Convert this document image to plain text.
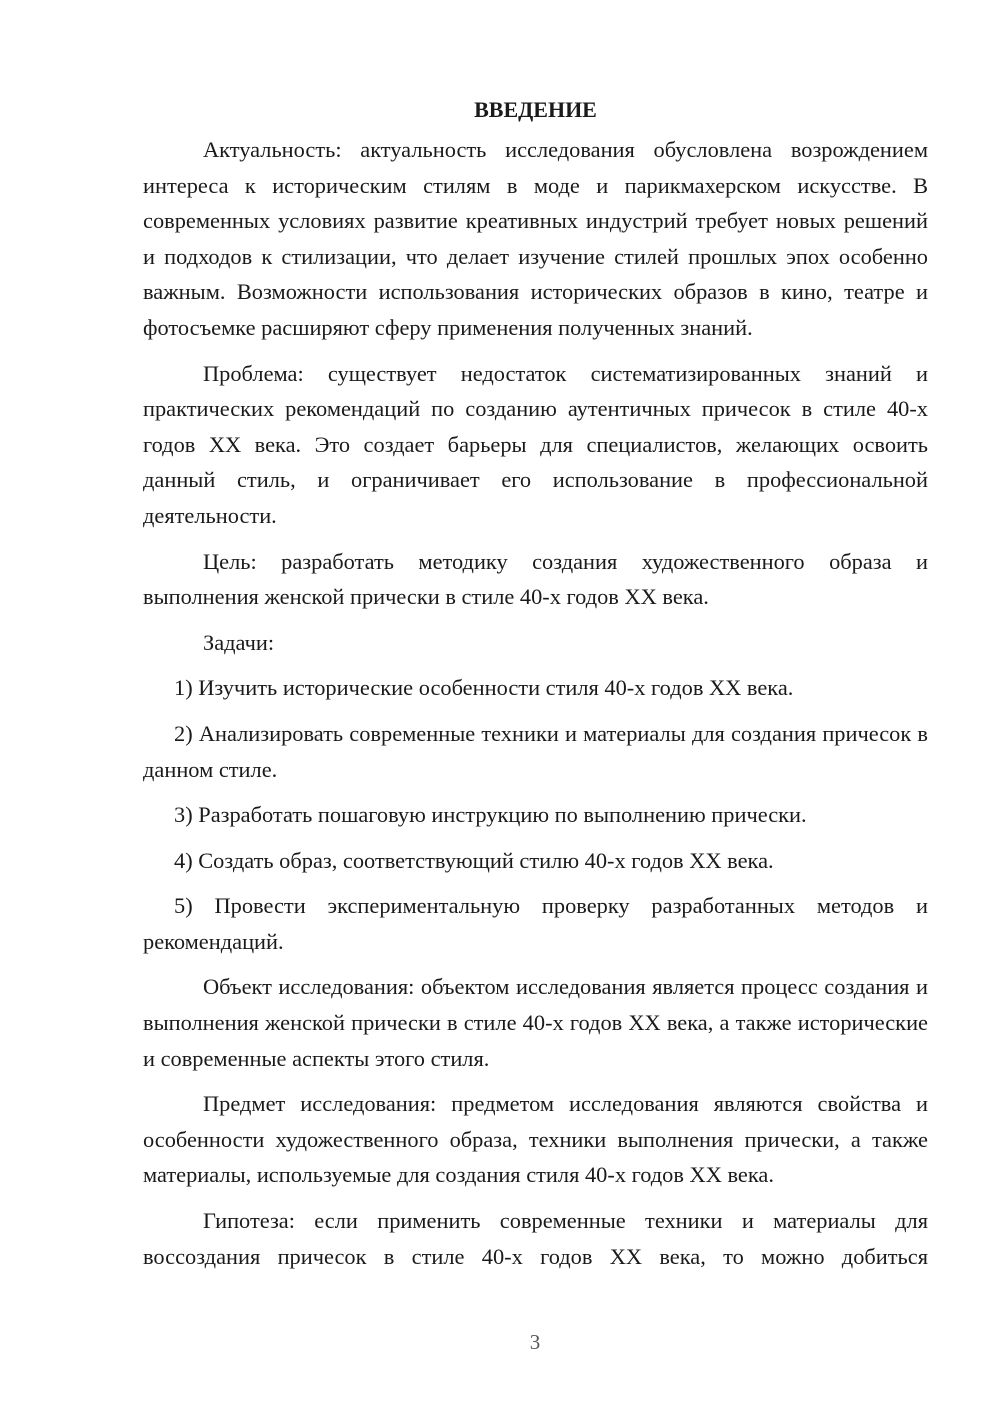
ВВЕДЕНИЕ

Актуальность: актуальность исследования обусловлена возрождением интереса к историческим стилям в моде и парикмахерском искусстве. В современных условиях развитие креативных индустрий требует новых решений и подходов к стилизации, что делает изучение стилей прошлых эпох особенно важным. Возможности использования исторических образов в кино, театре и фотосъемке расширяют сферу применения полученных знаний.

Проблема: существует недостаток систематизированных знаний и практических рекомендаций по созданию аутентичных причесок в стиле 40-х годов XX века. Это создает барьеры для специалистов, желающих освоить данный стиль, и ограничивает его использование в профессиональной деятельности.

Цель: разработать методику создания художественного образа и выполнения женской прически в стиле 40-х годов XX века.

Задачи:

1) Изучить исторические особенности стиля 40-х годов XX века.

2) Анализировать современные техники и материалы для создания причесок в данном стиле.

3) Разработать пошаговую инструкцию по выполнению прически.

4) Создать образ, соответствующий стилю 40-х годов XX века.

5) Провести экспериментальную проверку разработанных методов и рекомендаций.

Объект исследования: объектом исследования является процесс создания и выполнения женской прически в стиле 40-х годов XX века, а также исторические и современные аспекты этого стиля.

Предмет исследования: предметом исследования являются свойства и особенности художественного образа, техники выполнения прически, а также материалы, используемые для создания стиля 40-х годов XX века.

Гипотеза: если применить современные техники и материалы для воссоздания причесок в стиле 40-х годов XX века, то можно добиться

3
